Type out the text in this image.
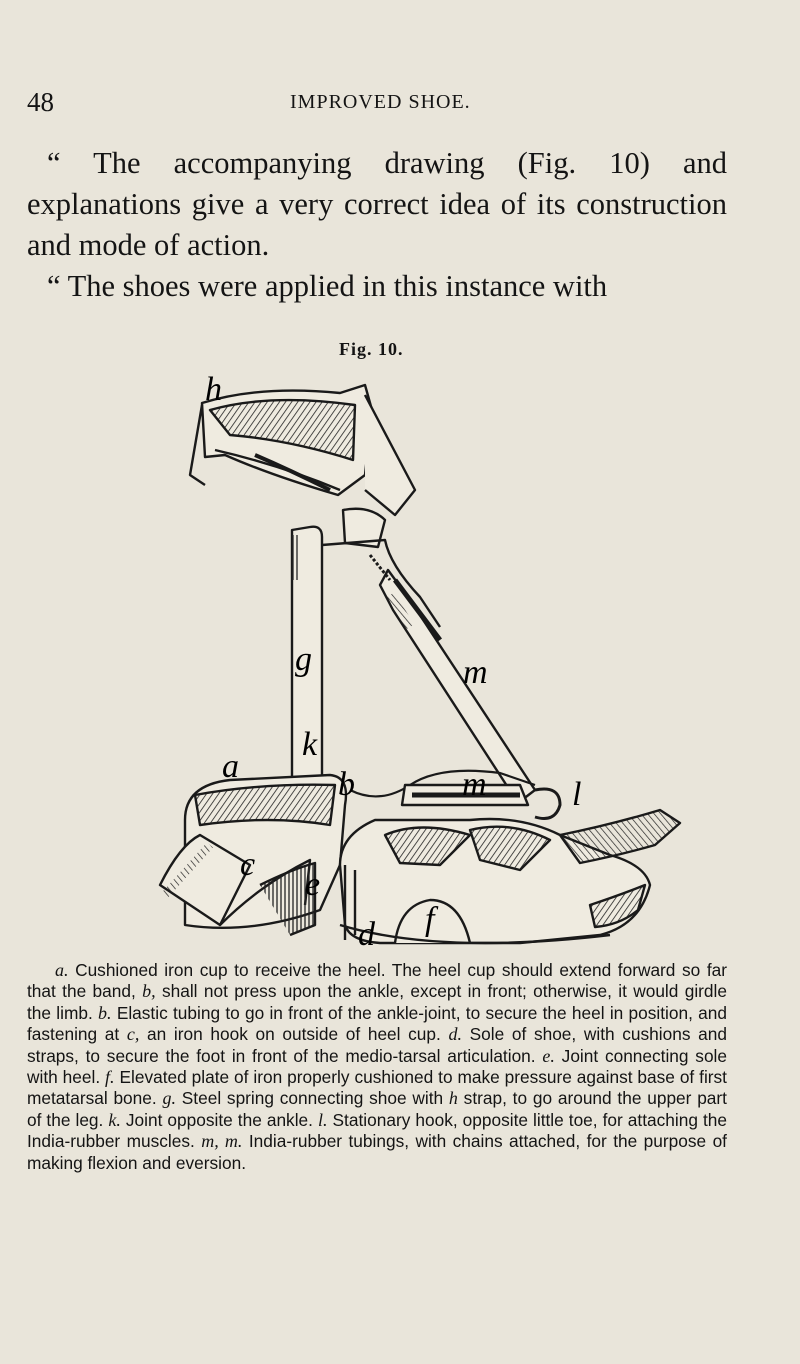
48	IMPROVED SHOE.

“ The accompanying drawing (Fig. 10) and explanations give a very correct idea of its construction and mode of action.

“ The shoes were applied in this instance with

Fig. 10.
h
g
k
a	b
m
m	l
c
e
f
d

a. Cushioned iron cup to receive the heel. The heel cup should extend forward so far that the band, b, shall not press upon the ankle, except in front; otherwise, it would girdle the limb. b. Elastic tubing to go in front of the ankle-joint, to secure the heel in position, and fastening at c, an iron hook on outside of heel cup. d. Sole of shoe, with cushions and straps, to secure the foot in front of the medio-tarsal articulation. e. Joint connecting sole with heel. f. Elevated plate of iron properly cushioned to make pressure against base of first metatarsal bone. g. Steel spring connecting shoe with h strap, to go around the upper part of the leg. k. Joint opposite the ankle. l. Stationary hook, opposite little toe, for attaching the India-rubber muscles. m, m. India-rubber tubings, with chains attached, for the purpose of making flexion and eversion.
